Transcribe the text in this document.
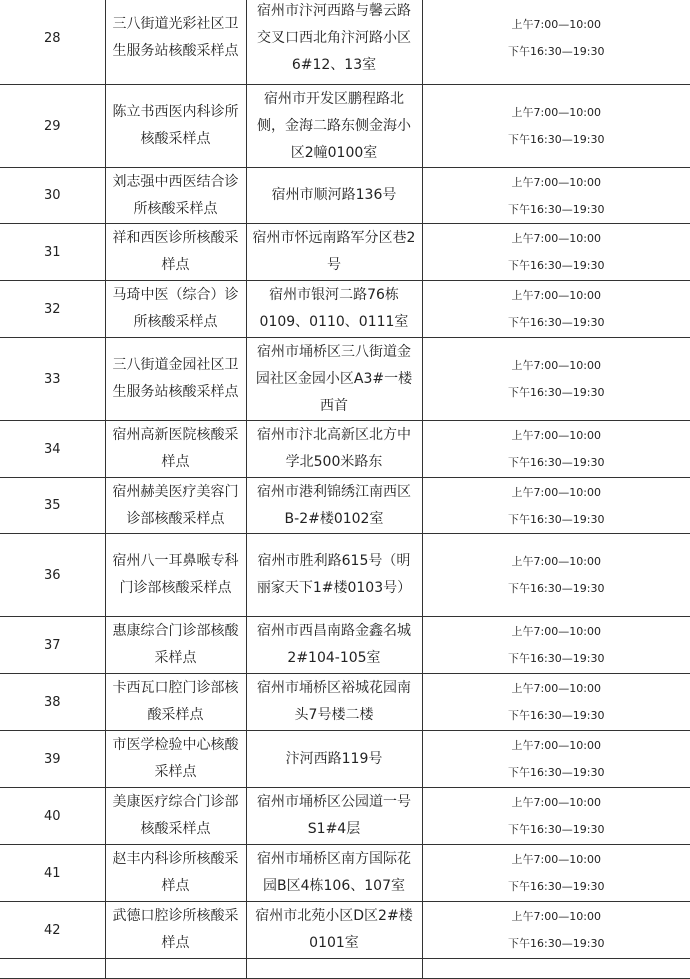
28	三八街道光彩社区卫生服务站核酸采样点	宿州市汴河西路与馨云路交叉口西北角汴河路小区6#12、13室	上午7:00—10:00
下午16:30—19:30

29	陈立书西医内科诊所核酸采样点	宿州市开发区鹏程路北侧，金海二路东侧金海小区2幢0100室	上午7:00—10:00
下午16:30—19:30

30	刘志强中西医结合诊所核酸采样点	宿州市顺河路136号	上午7:00—10:00
下午16:30—19:30

31	祥和西医诊所核酸采样点	宿州市怀远南路军分区巷2号	上午7:00—10:00
下午16:30—19:30

32	马琦中医（综合）诊所核酸采样点	宿州市银河二路76栋0109、0110、0111室	上午7:00—10:00
下午16:30—19:30

33	三八街道金园社区卫生服务站核酸采样点	宿州市埇桥区三八街道金园社区金园小区A3#一楼西首	上午7:00—10:00
下午16:30—19:30

34	宿州高新医院核酸采样点	宿州市汴北高新区北方中学北500米路东	上午7:00—10:00
下午16:30—19:30

35	宿州赫美医疗美容门诊部核酸采样点	宿州市港利锦绣江南西区B-2#楼0102室	上午7:00—10:00
下午16:30—19:30

36	宿州八一耳鼻喉专科门诊部核酸采样点	宿州市胜利路615号（明丽家天下1#楼0103号）	上午7:00—10:00
下午16:30—19:30

37	惠康综合门诊部核酸采样点	宿州市西昌南路金鑫名城2#104-105室	上午7:00—10:00
下午16:30—19:30

38	卡西瓦口腔门诊部核酸采样点	宿州市埇桥区裕城花园南头7号楼二楼	上午7:00—10:00
下午16:30—19:30

39	市医学检验中心核酸采样点	汴河西路119号	上午7:00—10:00
下午16:30—19:30

40	美康医疗综合门诊部核酸采样点	宿州市埇桥区公园道一号S1#4层	上午7:00—10:00
下午16:30—19:30

41	赵丰内科诊所核酸采样点	宿州市埇桥区南方国际花园B区4栋106、107室	上午7:00—10:00
下午16:30—19:30

42	武德口腔诊所核酸采样点	宿州市北苑小区D区2#楼0101室	上午7:00—10:00
下午16:30—19:30
